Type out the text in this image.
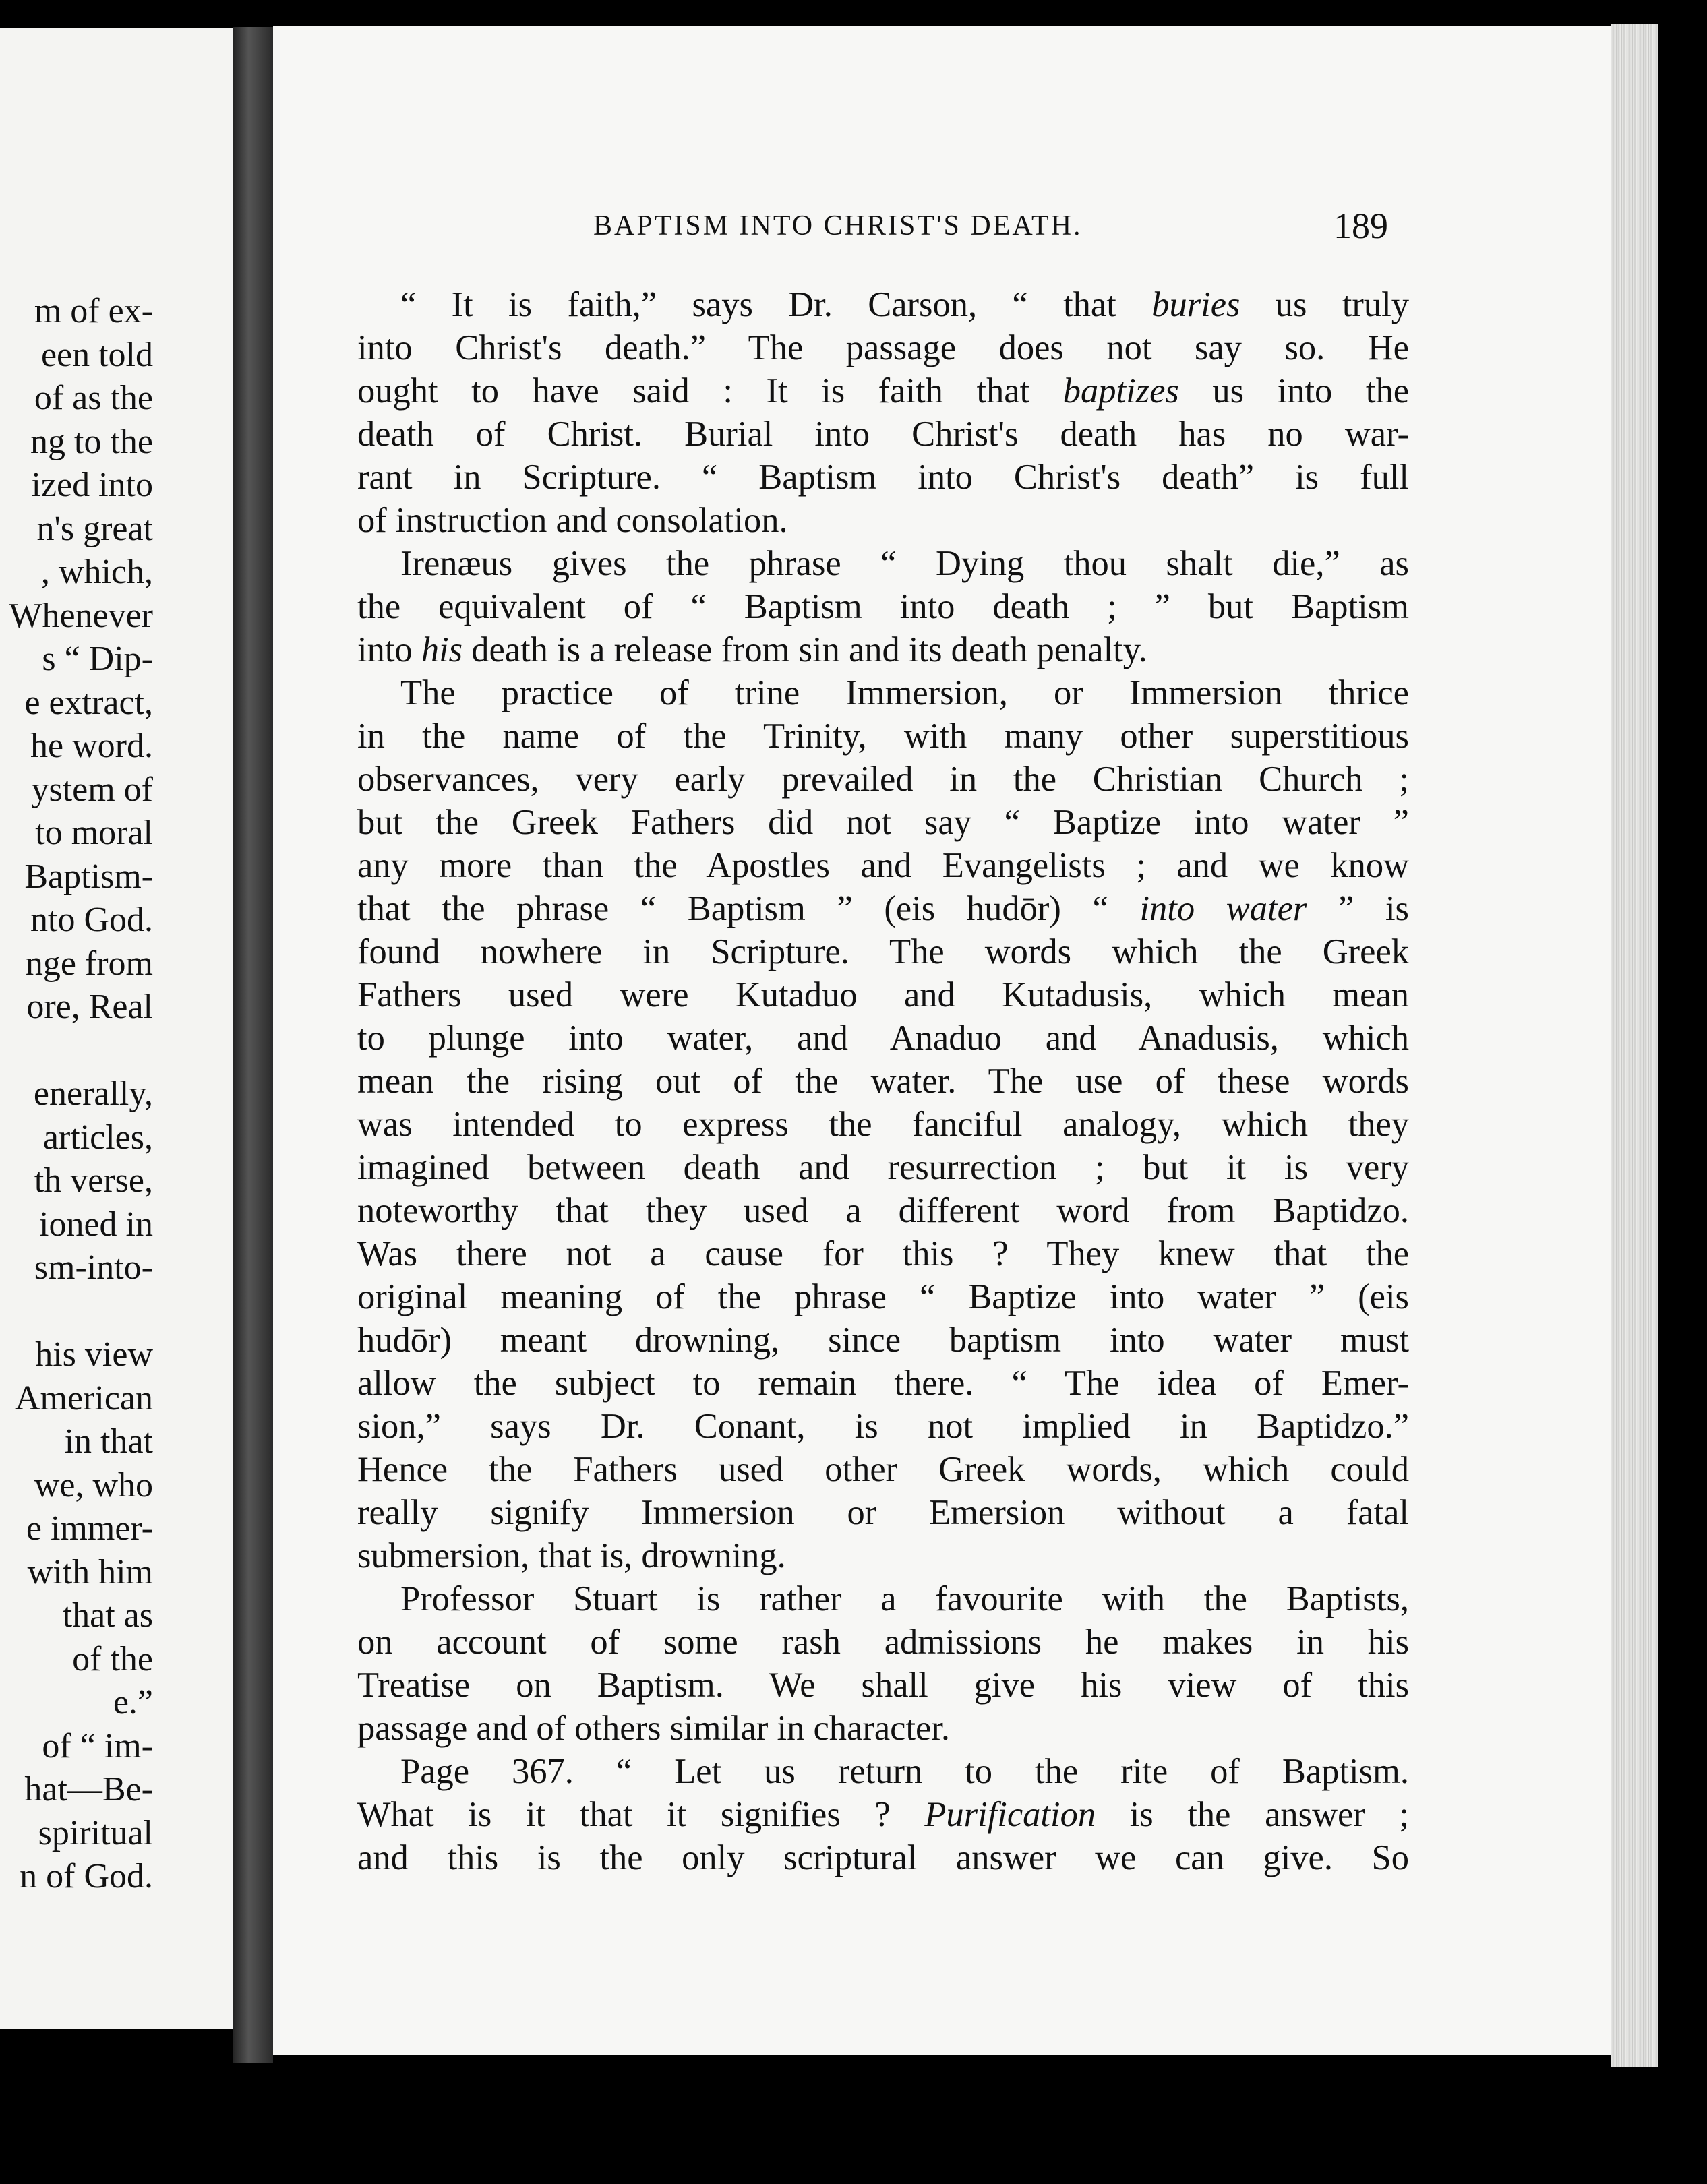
m of ex-
een told
of as the
ng to the
ized into
n's great
, which,
Whenever
s “ Dip-
e extract,
he word.
ystem of
to moral
Baptism-
nto God.
nge from
ore, Real
enerally,
articles,
th verse,
ioned in
sm-into-
his view
American
in that
we, who
e immer-
with him
that as
of the
e.”
of “ im-
hat—Be-
spiritual
n of God.
BAPTISM INTO CHRIST'S DEATH.	189
“ It is faith,” says Dr. Carson, “ that buries us truly
into Christ's death.” The passage does not say so. He
ought to have said : It is faith that baptizes us into the
death of Christ. Burial into Christ's death has no war-
rant in Scripture. “ Baptism into Christ's death” is full
of instruction and consolation.
Irenæus gives the phrase “ Dying thou shalt die,” as
the equivalent of “ Baptism into death ; ” but Baptism
into his death is a release from sin and its death penalty.
The practice of trine Immersion, or Immersion thrice
in the name of the Trinity, with many other superstitious
observances, very early prevailed in the Christian Church ;
but the Greek Fathers did not say “ Baptize into water ”
any more than the Apostles and Evangelists ; and we know
that the phrase “ Baptism ” (eis hudōr) “ into water ” is
found nowhere in Scripture. The words which the Greek
Fathers used were Kutaduo and Kutadusis, which mean
to plunge into water, and Anaduo and Anadusis, which
mean the rising out of the water. The use of these words
was intended to express the fanciful analogy, which they
imagined between death and resurrection ; but it is very
noteworthy that they used a different word from Baptidzo.
Was there not a cause for this ? They knew that the
original meaning of the phrase “ Baptize into water ” (eis
hudōr) meant drowning, since baptism into water must
allow the subject to remain there. “ The idea of Emer-
sion,” says Dr. Conant, is not implied in Baptidzo.”
Hence the Fathers used other Greek words, which could
really signify Immersion or Emersion without a fatal
submersion, that is, drowning.
Professor Stuart is rather a favourite with the Baptists,
on account of some rash admissions he makes in his
Treatise on Baptism. We shall give his view of this
passage and of others similar in character.
Page 367. “ Let us return to the rite of Baptism.
What is it that it signifies ? Purification is the answer ;
and this is the only scriptural answer we can give. So
